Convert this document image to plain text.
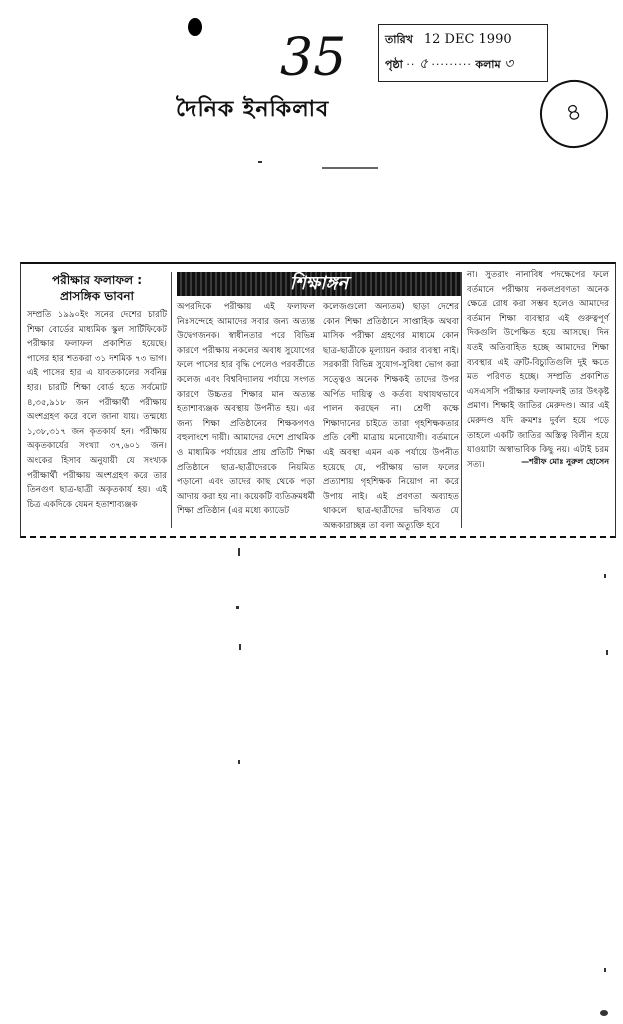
35
৪
তারিখ 12 DEC 1990
পৃষ্ঠা ·· ৫ ········· কলাম ৩
দৈনিক ইনকিলাব
শিক্ষাঙ্গন
পরীক্ষার ফলাফল :
প্রাসঙ্গিক ভাবনা
সম্প্রতি ১৯৯০ইং সনের দেশের চারটি শিক্ষা বোর্ডের মাধ্যমিক স্কুল সার্টিফিকেট পরীক্ষার ফলাফল প্রকাশিত হয়েছে। পাসের হার শতকরা ৩১ দশমিক ৭৩ ভাগ। এই পাসের হার এ যাবতকালের সর্বনিম্ন হার। চারটি শিক্ষা বোর্ড হতে সর্বমোট ৪,৩৫,৯১৮ জন পরীক্ষার্থী পরীক্ষায় অংশগ্রহণ করে বলে জানা যায়। তন্মধ্যে ১,৩৮,৩১৭ জন কৃতকার্য হন। পরীক্ষায় অকৃতকার্যের সংখ্যা ৩৭,৬০১ জন। অংকের হিসাব অনুযায়ী যে সংখ্যক পরীক্ষার্থী পরীক্ষায় অংশগ্রহণ করে তার তিনগুণ ছাত্র-ছাত্রী অকৃতকার্য হয়। এই চিত্র একদিকে যেমন হতাশাব্যঞ্জক
অপরদিকে পরীক্ষায় এই ফলাফল নিঃসন্দেহে আমাদের সবার জন্য অত্যন্ত উদ্বেগজনক। স্বাধীনতার পরে বিভিন্ন কারণে পরীক্ষায় নকলের অবাধ সুযোগের ফলে পাসের হার বৃদ্ধি পেলেও পরবর্তীতে কলেজ এবং বিশ্ববিদ্যালয় পর্যায়ে সংগত কারণে উচ্চতর শিক্ষার মান অত্যন্ত হতাশাব্যঞ্জক অবস্থায় উপনীত হয়। এর জন্য শিক্ষা প্রতিষ্ঠানের শিক্ষকগণও বহুলাংশে দায়ী। আমাদের দেশে প্রাথমিক ও মাধ্যমিক পর্যায়ের প্রায় প্রতিটি শিক্ষা প্রতিষ্ঠানে ছাত্র-ছাত্রীদেরকে নিয়মিত পড়ানো এবং তাদের কাছ থেকে পড়া আদায় করা হয় না। কয়েকটি ব্যতিক্রমধর্মী শিক্ষা প্রতিষ্ঠান (এর মধ্যে ক্যাডেট
কলেজগুলো অন্যতম) ছাড়া দেশের কোন শিক্ষা প্রতিষ্ঠানে সাপ্তাহিক অথবা মাসিক পরীক্ষা গ্রহণের মাধ্যমে কোন ছাত্র-ছাত্রীকে মূল্যায়ন করার ব্যবস্থা নাই। সরকারী বিভিন্ন সুযোগ-সুবিধা ভোগ করা সত্ত্বেও অনেক শিক্ষকই তাদের উপর অর্পিত দায়িত্ব ও কর্তব্য যথাযথভাবে পালন করছেন না। শ্রেণী কক্ষে শিক্ষাদানের চাইতে তারা গৃহশিক্ষকতার প্রতি বেশী মাত্রায় মনোযোগী। বর্তমানে এই অবস্থা এমন এক পর্যায়ে উপনীত হয়েছে যে, পরীক্ষায় ভাল ফলের প্রত্যাশায় গৃহশিক্ষক নিয়োগ না করে উপায় নাই। এই প্রবণতা অব্যাহত থাকলে ছাত্র-ছাত্রীদের ভবিষ্যত যে অন্ধকারাচ্ছন্ন তা বলা অত্যুক্তি হবে
না। সুতরাং নানাবিধ পদক্ষেপের ফলে বর্তমানে পরীক্ষায় নকলপ্রবণতা অনেক ক্ষেত্রে রোধ করা সম্ভব হলেও আমাদের বর্তমান শিক্ষা ব্যবস্থার এই গুরুত্বপূর্ণ দিকগুলি উপেক্ষিত হয়ে আসছে। দিন যতই অতিবাহিত হচ্ছে আমাদের শিক্ষা ব্যবস্থার এই ত্রুটি-বিচ্যুতিগুলি দুই ক্ষতে মত পরিণত হচ্ছে। সম্প্রতি প্রকাশিত এসএসসি পরীক্ষার ফলাফলই তার উৎকৃষ্ট প্রমাণ। শিক্ষাই জাতির মেরুদণ্ড। আর এই মেরুদণ্ড যদি ক্রমশঃ দুর্বল হয়ে পড়ে তাহলে একটি জাতির অস্তিত্ব বিলীন হয়ে যাওয়াটা অস্বাভাবিক কিছু নয়। এটাই চরম সত্য।	—শরীফ মোঃ নুরুল হোসেন
